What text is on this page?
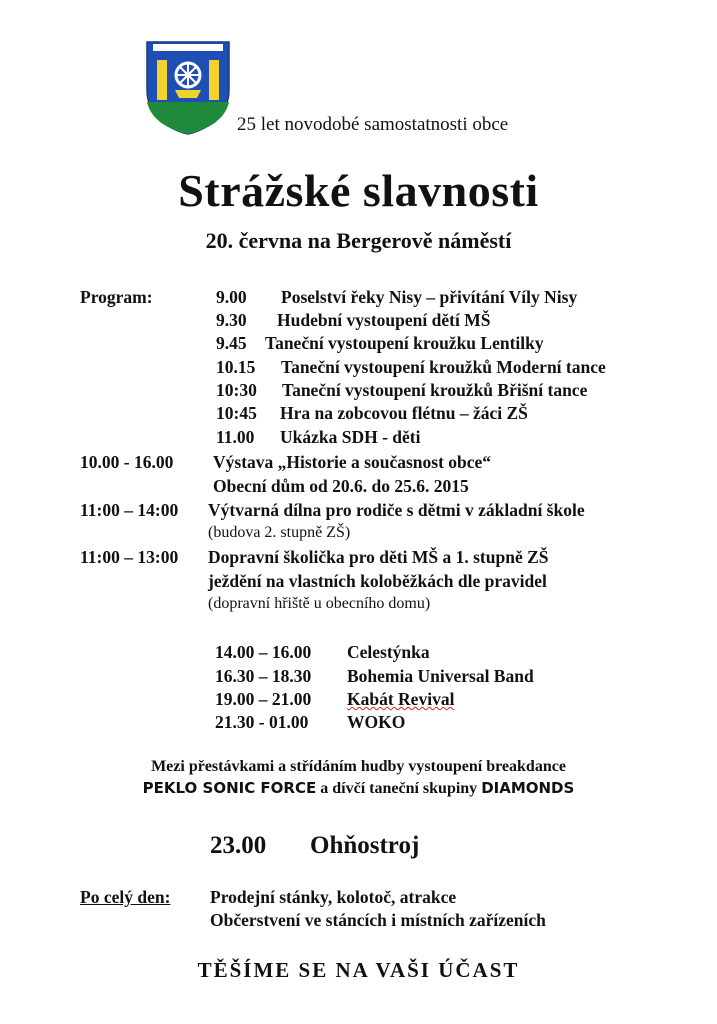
25 let novodobé samostatnosti obce
Strážské slavnosti
20. června na Bergerově náměstí
Program:	9.00 Poselství řeky Nisy – přivítání Víly Nisy
9.30 Hudební vystoupení dětí MŠ
9.45 Taneční vystoupení kroužku Lentilky
10.15 Taneční vystoupení kroužků Moderní tance
10:30 Taneční vystoupení kroužků Břišní tance
10:45 Hra na zobcovou flétnu – žáci ZŠ
11.00 Ukázka SDH - děti
10.00 - 16.00 Výstava „Historie a současnost obce“
Obecní dům od 20.6. do 25.6. 2015
11:00 – 14:00 Výtvarná dílna pro rodiče s dětmi v základní škole
(budova 2. stupně ZŠ)
11:00 – 13:00 Dopravní školička pro děti MŠ a 1. stupně ZŠ
ježdění na vlastních koloběžkách dle pravidel
(dopravní hřiště u obecního domu)
14.00 – 16.00 Celestýnka
16.30 – 18.30 Bohemia Universal Band
19.00 – 21.00 Kabát Revival
21.30 - 01.00 WOKO
Mezi přestávkami a střídáním hudby vystoupení breakdance
PEKLO SONIC FORCE a dívčí taneční skupiny DIAMONDS
23.00 Ohňostroj
Po celý den: Prodejní stánky, kolotoč, atrakce
Občerstvení ve stáncích i místních zařízeních
TĚŠÍME SE NA VAŠI ÚČAST
